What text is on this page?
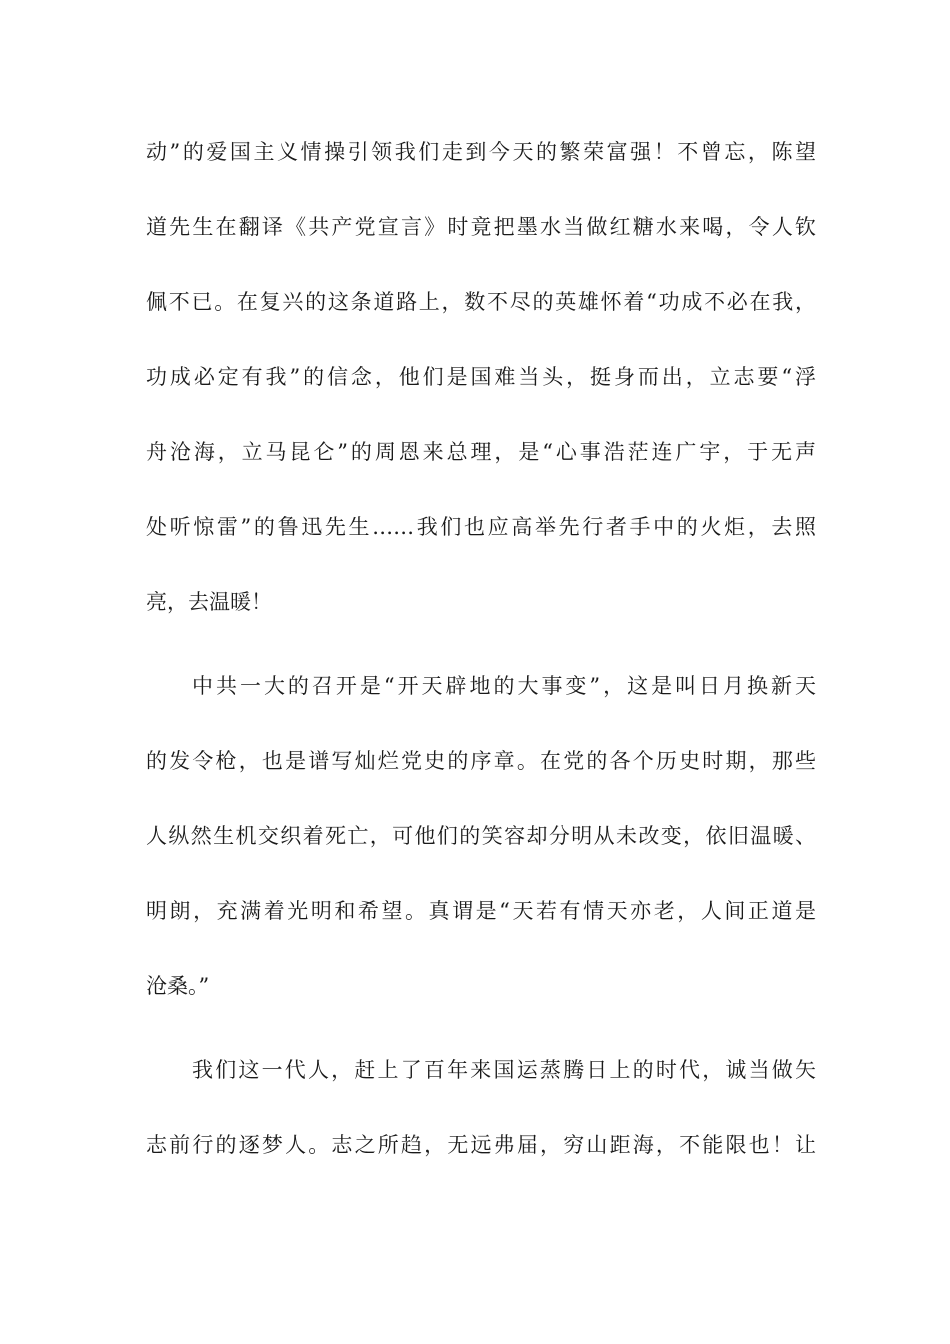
动”的爱国主义情操引领我们走到今天的繁荣富强！不曾忘，陈望
道先生在翻译《共产党宣言》时竟把墨水当做红糖水来喝，令人钦
佩不已。在复兴的这条道路上，数不尽的英雄怀着“功成不必在我，
功成必定有我”的信念，他们是国难当头，挺身而出，立志要“浮
舟沧海，立马昆仑”的周恩来总理，是“心事浩茫连广宇，于无声
处听惊雷”的鲁迅先生……我们也应高举先行者手中的火炬，去照
亮，去温暖！
中共一大的召开是“开天辟地的大事变”，这是叫日月换新天
的发令枪，也是谱写灿烂党史的序章。在党的各个历史时期，那些
人纵然生机交织着死亡，可他们的笑容却分明从未改变，依旧温暖、
明朗，充满着光明和希望。真谓是“天若有情天亦老，人间正道是
沧桑。”
我们这一代人，赶上了百年来国运蒸腾日上的时代，诚当做矢
志前行的逐梦人。志之所趋，无远弗届，穷山距海，不能限也！让
